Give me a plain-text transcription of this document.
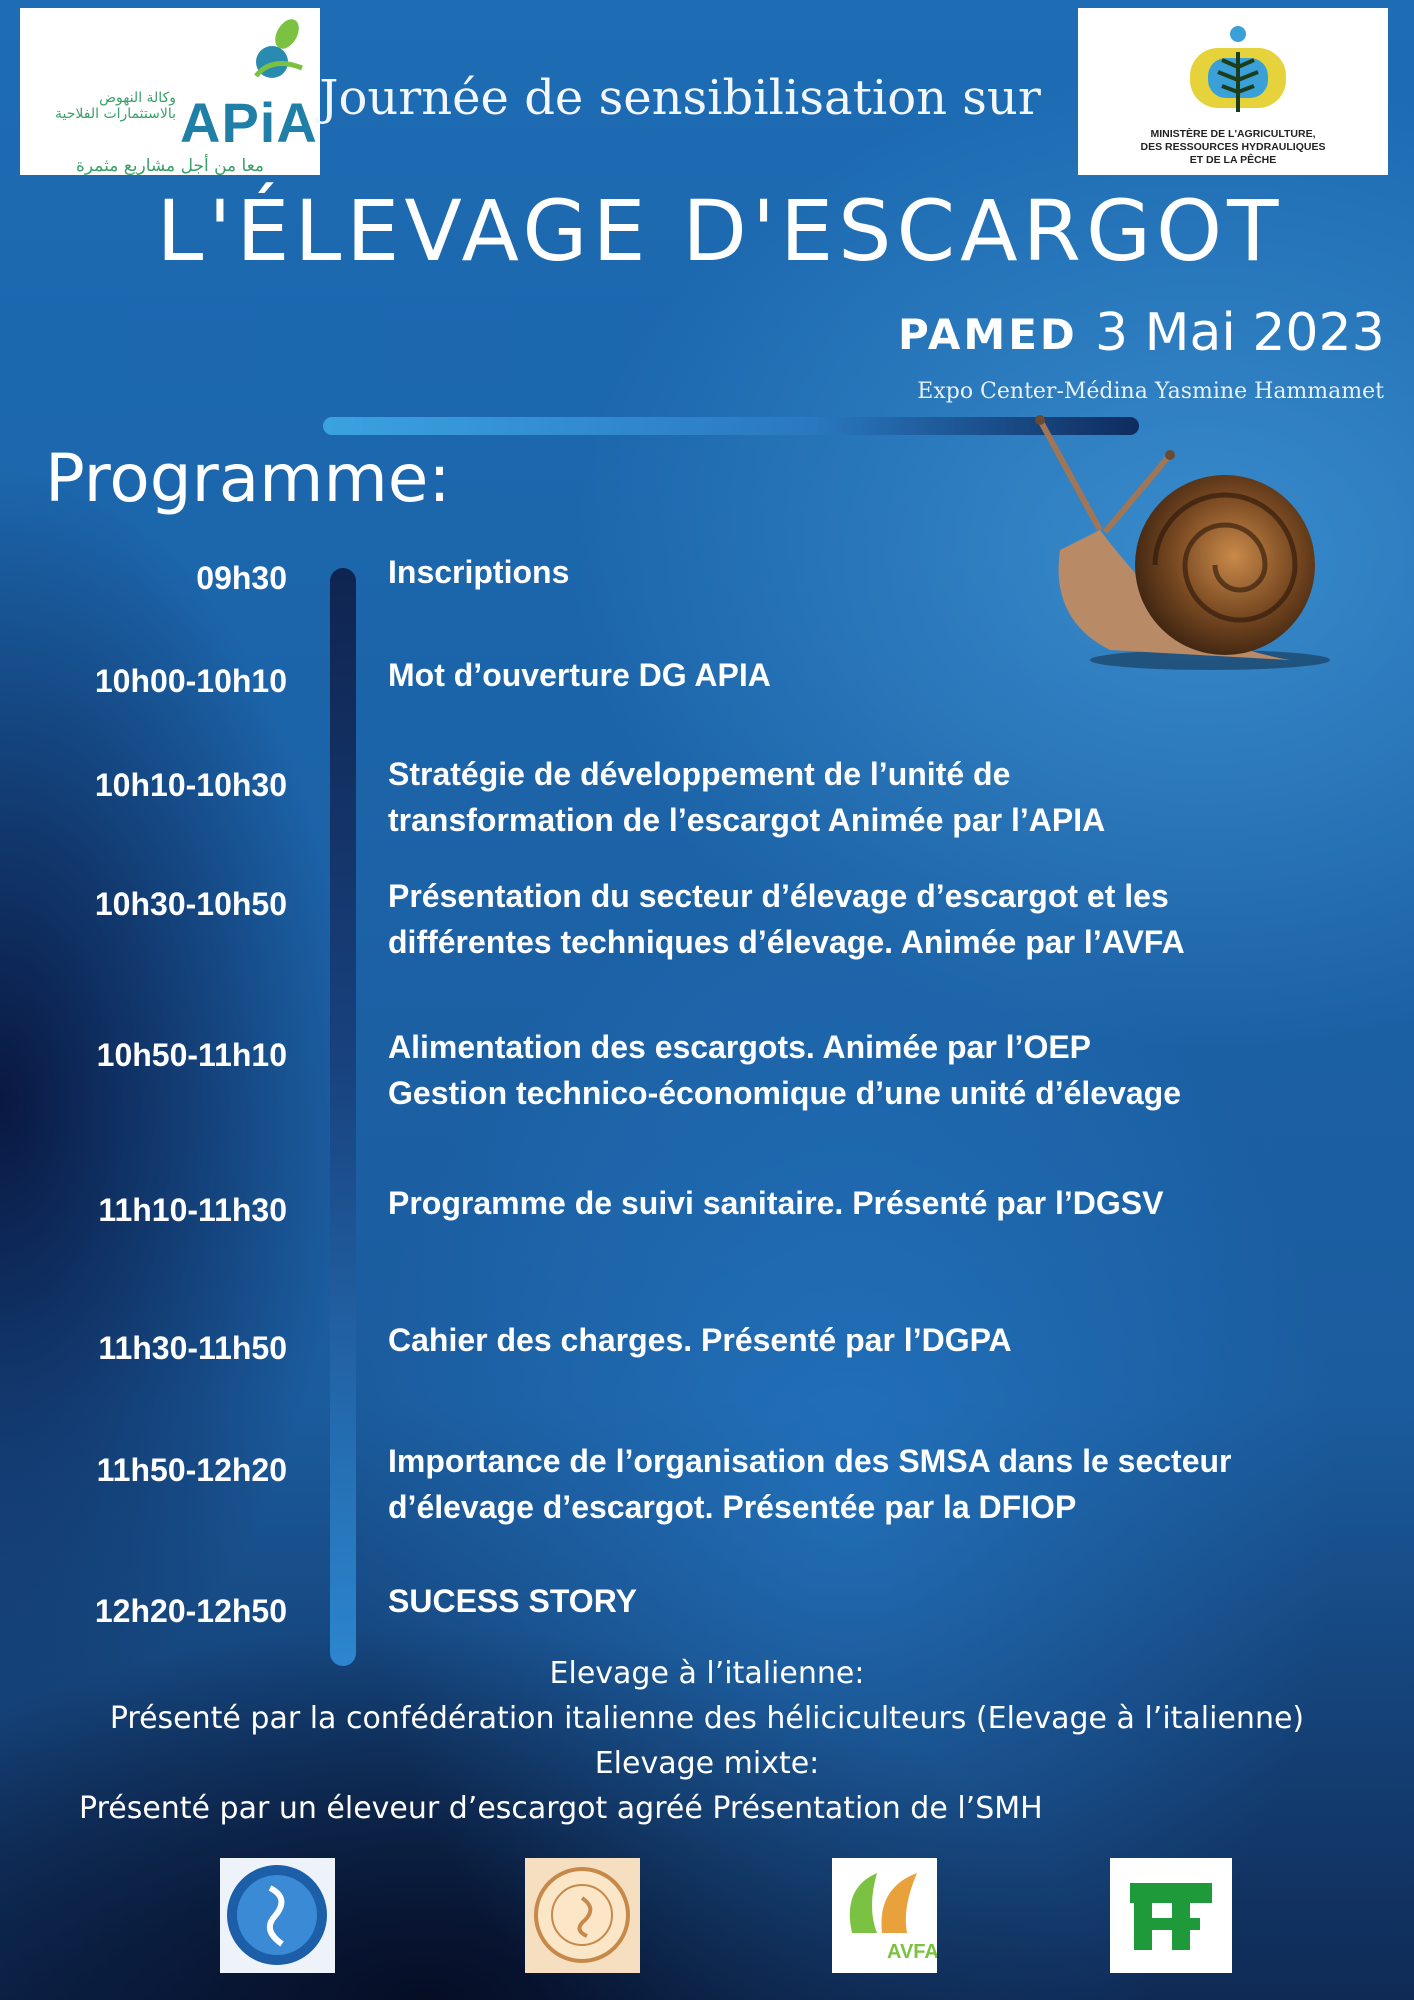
وكالة النهوض بالاستثمارات الفلاحية APiA
معا من أجل مشاريع مثمرة
MINISTÈRE DE L'AGRICULTURE,
DES RESSOURCES HYDRAULIQUES
ET DE LA PÊCHE
Journée de sensibilisation sur
L'ÉLEVAGE D'ESCARGOT
PAMED 3 Mai 2023
Expo Center-Médina Yasmine Hammamet
Programme:
09h30	Inscriptions
10h00-10h10	Mot d’ouverture DG APIA
10h10-10h30	Stratégie de développement de l’unité de
transformation de l’escargot Animée par l’APIA
10h30-10h50	Présentation du secteur d’élevage d’escargot et les
différentes techniques d’élevage. Animée par l’AVFA
10h50-11h10	Alimentation des escargots. Animée par l’OEP
Gestion technico-économique d’une unité d’élevage
11h10-11h30	Programme de suivi sanitaire. Présenté par l’DGSV
11h30-11h50	Cahier des charges. Présenté par l’DGPA
11h50-12h20	Importance de l’organisation des SMSA dans le secteur
d’élevage d’escargot. Présentée par la DFIOP
12h20-12h50	SUCESS STORY
Elevage à l’italienne:
Présenté par la confédération italienne des héliciculteurs (Elevage à l’italienne)
Elevage mixte:
Présenté par un éleveur d’escargot agréé Présentation de l’SMH
AVFA
